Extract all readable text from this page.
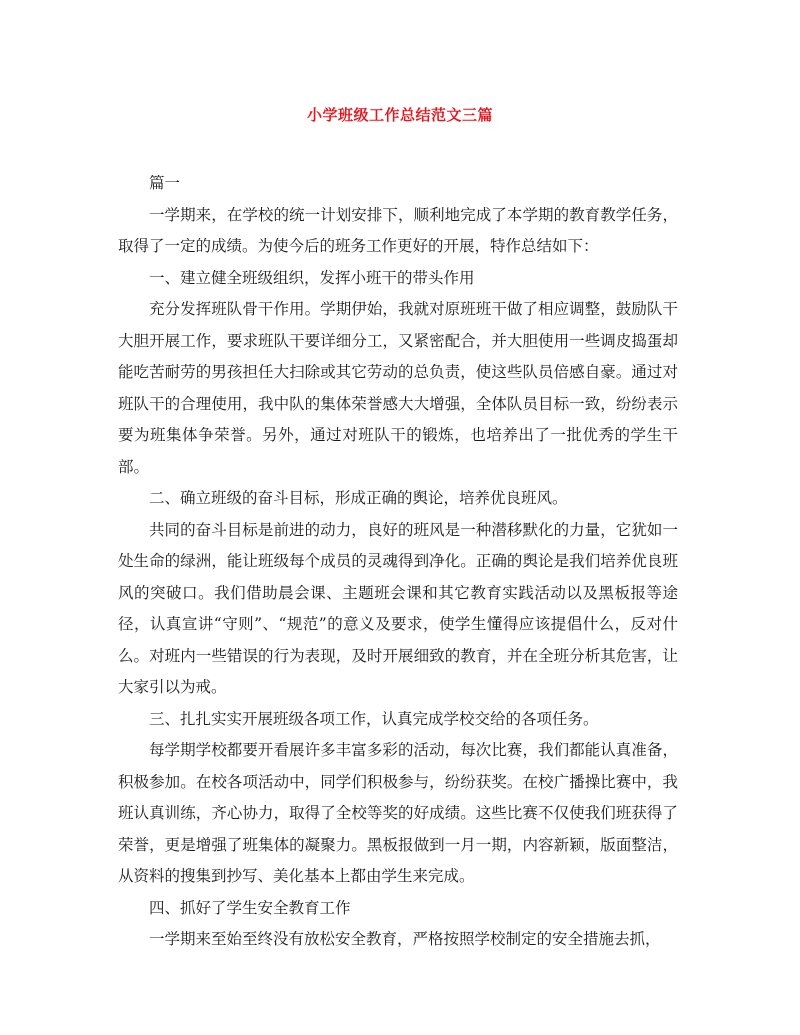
小学班级工作总结范文三篇

篇一

一学期来，在学校的统一计划安排下，顺利地完成了本学期的教育教学任务，取得了一定的成绩。为使今后的班务工作更好的开展，特作总结如下：

一、建立健全班级组织，发挥小班干的带头作用

充分发挥班队骨干作用。学期伊始，我就对原班班干做了相应调整，鼓励队干大胆开展工作，要求班队干要详细分工，又紧密配合，并大胆使用一些调皮捣蛋却能吃苦耐劳的男孩担任大扫除或其它劳动的总负责，使这些队员倍感自豪。通过对班队干的合理使用，我中队的集体荣誉感大大增强，全体队员目标一致，纷纷表示要为班集体争荣誉。另外，通过对班队干的锻炼，也培养出了一批优秀的学生干部。

二、确立班级的奋斗目标，形成正确的舆论，培养优良班风。

共同的奋斗目标是前进的动力，良好的班风是一种潜移默化的力量，它犹如一处生命的绿洲，能让班级每个成员的灵魂得到净化。正确的舆论是我们培养优良班风的突破口。我们借助晨会课、主题班会课和其它教育实践活动以及黑板报等途径，认真宣讲“守则”、“规范”的意义及要求，使学生懂得应该提倡什么，反对什么。对班内一些错误的行为表现，及时开展细致的教育，并在全班分析其危害，让大家引以为戒。

三、扎扎实实开展班级各项工作，认真完成学校交给的各项任务。

每学期学校都要开看展许多丰富多彩的活动，每次比赛，我们都能认真准备，积极参加。在校各项活动中，同学们积极参与，纷纷获奖。在校广播操比赛中，我班认真训练，齐心协力，取得了全校等奖的好成绩。这些比赛不仅使我们班获得了荣誉，更是增强了班集体的凝聚力。黑板报做到一月一期，内容新颖，版面整洁，从资料的搜集到抄写、美化基本上都由学生来完成。

四、抓好了学生安全教育工作

一学期来至始至终没有放松安全教育，严格按照学校制定的安全措施去抓，
